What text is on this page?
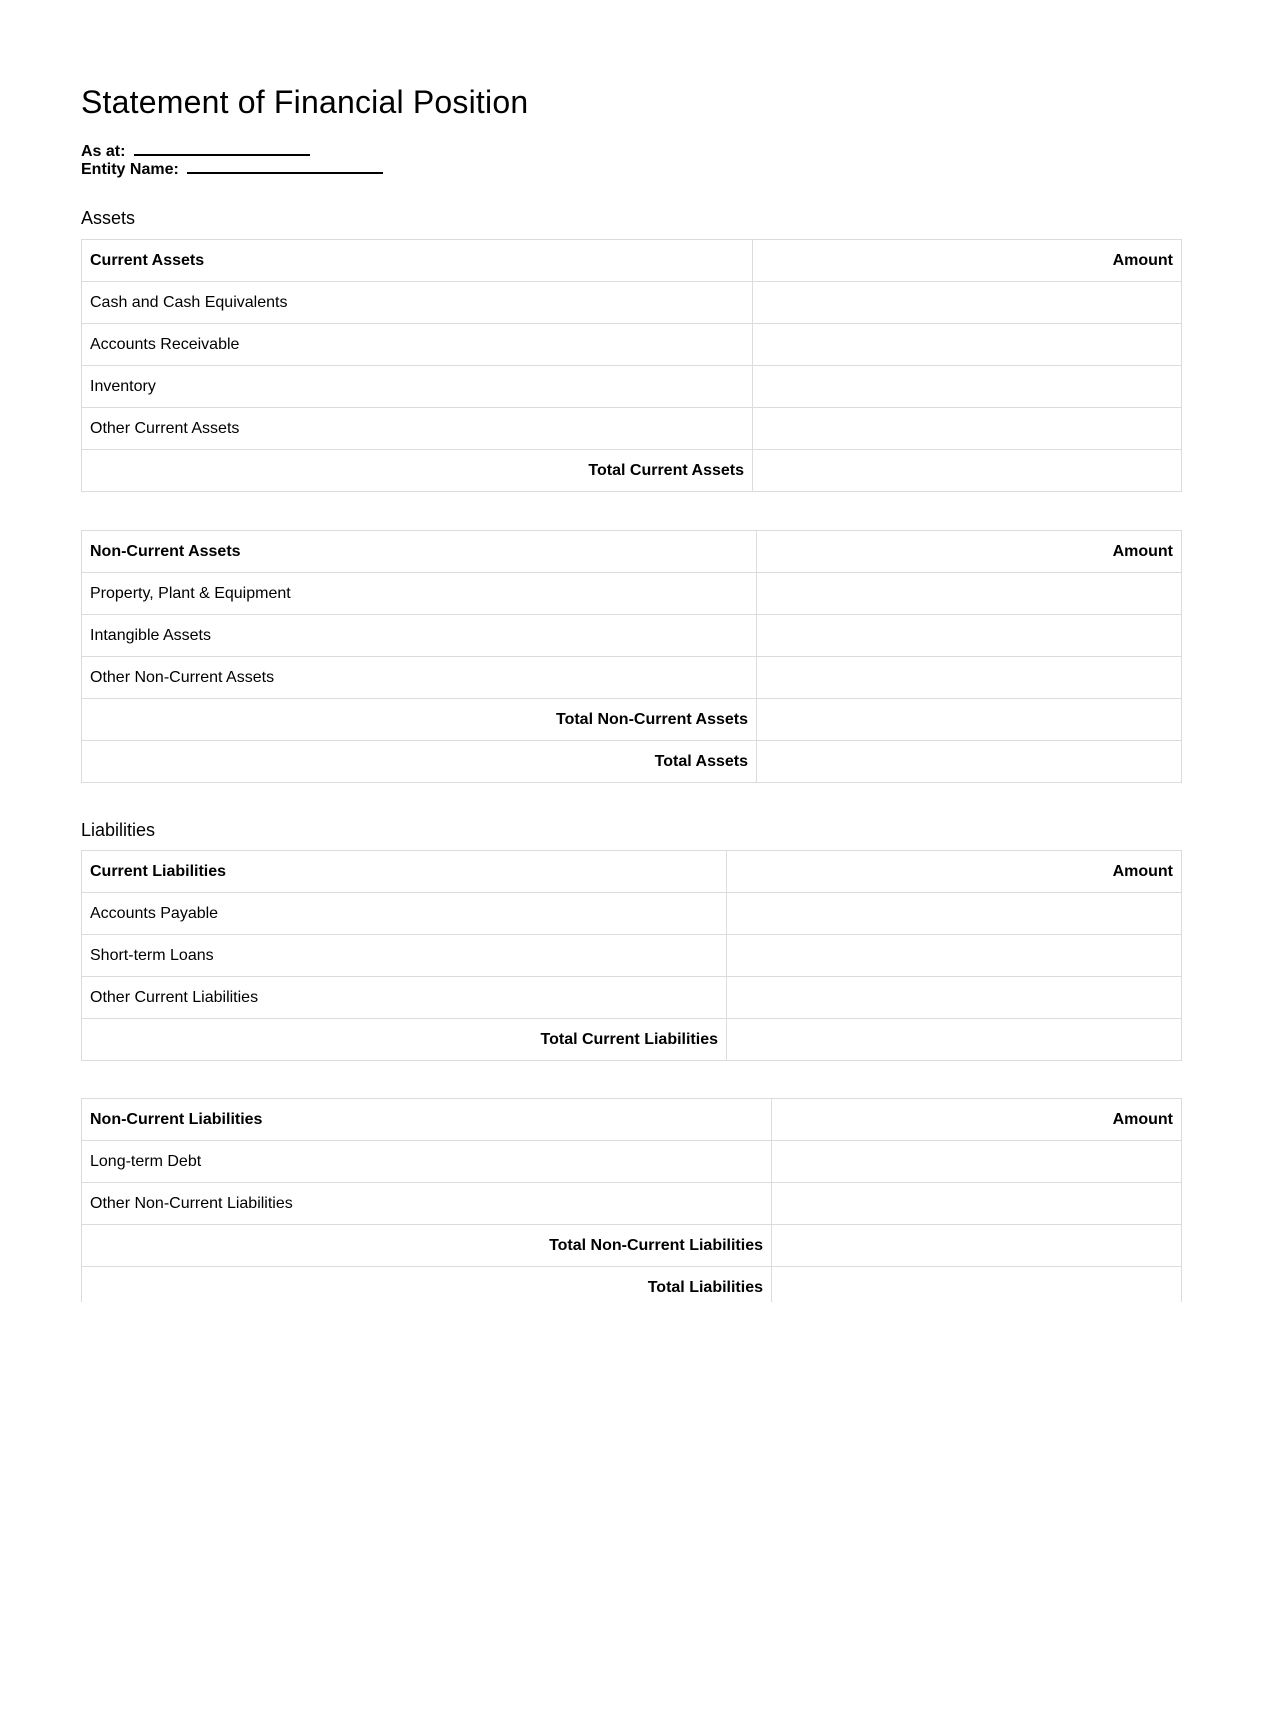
Statement of Financial Position
As at:
Entity Name:
Assets
Current Assets	Amount
Cash and Cash Equivalents	
Accounts Receivable	
Inventory	
Other Current Assets	
Total Current Assets	
Non-Current Assets	Amount
Property, Plant & Equipment	
Intangible Assets	
Other Non-Current Assets	
Total Non-Current Assets	
Total Assets	
Liabilities
Current Liabilities	Amount
Accounts Payable	
Short-term Loans	
Other Current Liabilities	
Total Current Liabilities	
Non-Current Liabilities	Amount
Long-term Debt	
Other Non-Current Liabilities	
Total Non-Current Liabilities	
Total Liabilities	
